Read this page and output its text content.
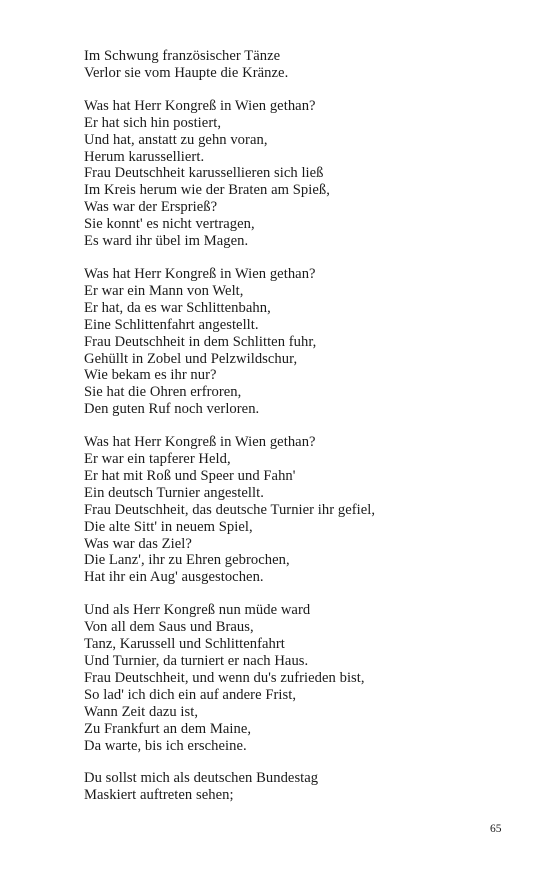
Im Schwung französischer Tänze
Verlor sie vom Haupte die Kränze.
Was hat Herr Kongreß in Wien gethan?
Er hat sich hin postiert,
Und hat, anstatt zu gehn voran,
Herum karusselliert.
Frau Deutschheit karussellieren sich ließ
Im Kreis herum wie der Braten am Spieß,
Was war der Ersprieß?
Sie konnt' es nicht vertragen,
Es ward ihr übel im Magen.
Was hat Herr Kongreß in Wien gethan?
Er war ein Mann von Welt,
Er hat, da es war Schlittenbahn,
Eine Schlittenfahrt angestellt.
Frau Deutschheit in dem Schlitten fuhr,
Gehüllt in Zobel und Pelzwildschur,
Wie bekam es ihr nur?
Sie hat die Ohren erfroren,
Den guten Ruf noch verloren.
Was hat Herr Kongreß in Wien gethan?
Er war ein tapferer Held,
Er hat mit Roß und Speer und Fahn'
Ein deutsch Turnier angestellt.
Frau Deutschheit, das deutsche Turnier ihr gefiel,
Die alte Sitt' in neuem Spiel,
Was war das Ziel?
Die Lanz', ihr zu Ehren gebrochen,
Hat ihr ein Aug' ausgestochen.
Und als Herr Kongreß nun müde ward
Von all dem Saus und Braus,
Tanz, Karussell und Schlittenfahrt
Und Turnier, da turniert er nach Haus.
Frau Deutschheit, und wenn du's zufrieden bist,
So lad' ich dich ein auf andere Frist,
Wann Zeit dazu ist,
Zu Frankfurt an dem Maine,
Da warte, bis ich erscheine.
Du sollst mich als deutschen Bundestag
Maskiert auftreten sehen;
65
